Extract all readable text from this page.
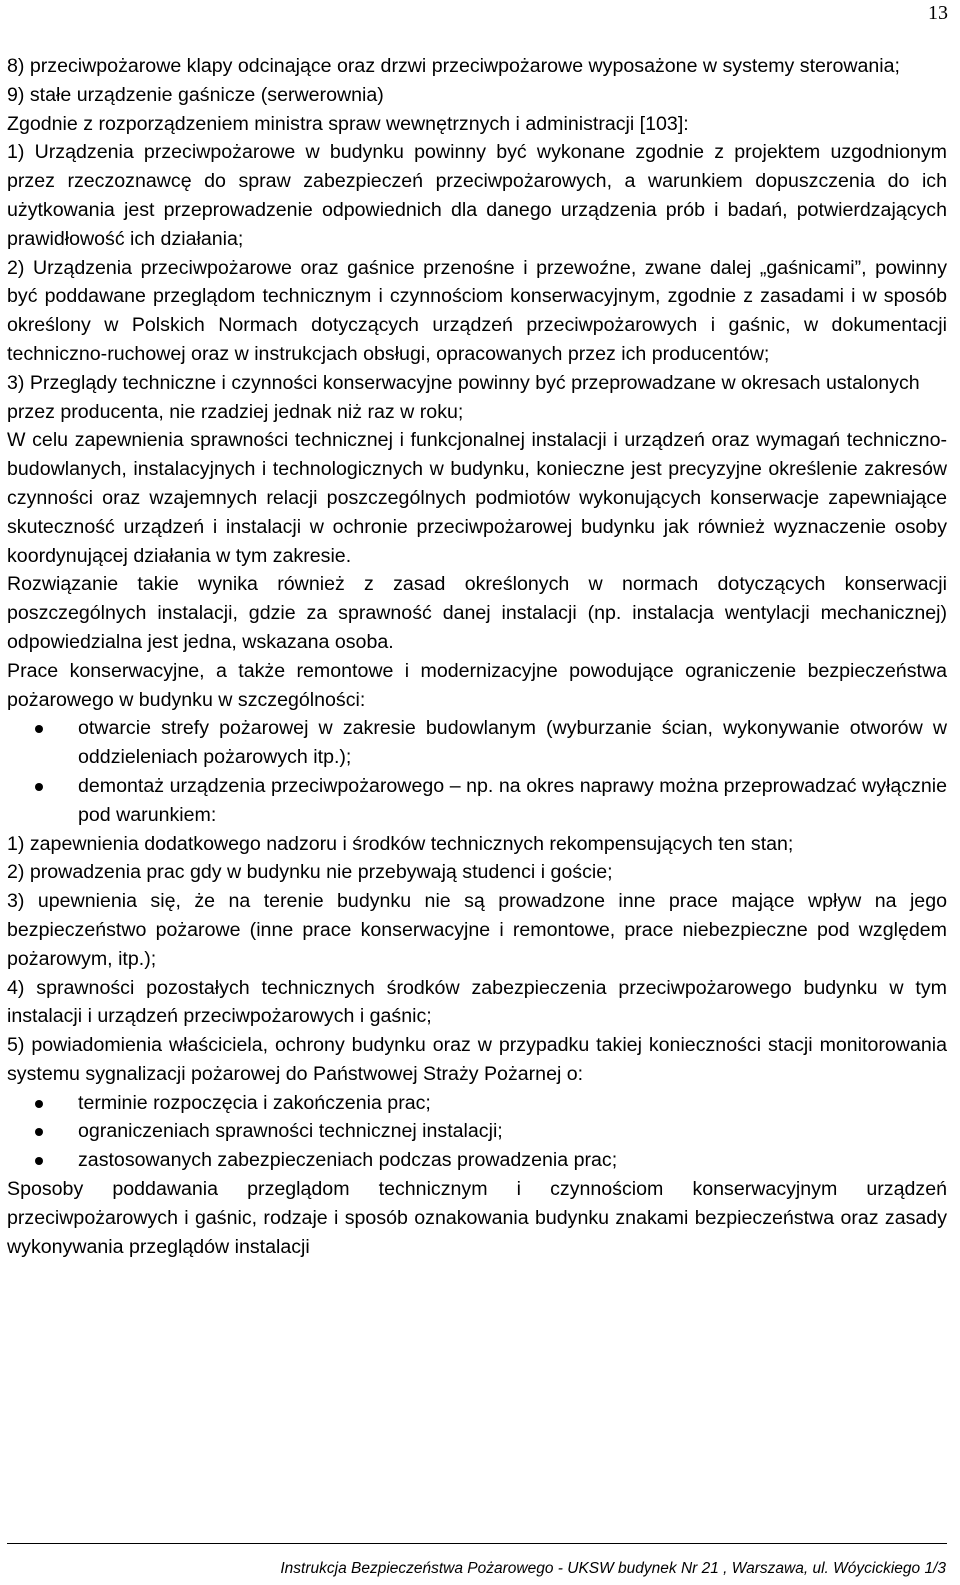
13

8) przeciwpożarowe klapy odcinające oraz drzwi przeciwpożarowe wyposażone w systemy sterowania;

9) stałe urządzenie gaśnicze (serwerownia)

Zgodnie z rozporządzeniem ministra spraw wewnętrznych i administracji [103]:

1) Urządzenia przeciwpożarowe w budynku powinny być wykonane zgodnie z projektem uzgodnionym przez rzeczoznawcę do spraw zabezpieczeń przeciwpożarowych, a warunkiem dopuszczenia do ich użytkowania jest przeprowadzenie odpowiednich dla danego urządzenia prób i badań, potwierdzających prawidłowość ich działania;

2) Urządzenia przeciwpożarowe oraz gaśnice przenośne i przewoźne, zwane dalej „gaśnicami”, powinny być poddawane przeglądom technicznym i czynnościom konserwacyjnym, zgodnie z zasadami i w sposób określony w Polskich Normach dotyczących urządzeń przeciwpożarowych i gaśnic, w dokumentacji techniczno-ruchowej oraz w instrukcjach obsługi, opracowanych przez ich producentów;

3) Przeglądy techniczne i czynności konserwacyjne powinny być przeprowadzane w okresach ustalonych przez producenta, nie rzadziej jednak niż raz w roku;

W celu zapewnienia sprawności technicznej i funkcjonalnej instalacji i urządzeń oraz wymagań techniczno-budowlanych, instalacyjnych i technologicznych w budynku, konieczne jest precyzyjne określenie zakresów czynności oraz wzajemnych relacji poszczególnych podmiotów wykonujących konserwacje zapewniające skuteczność urządzeń i instalacji w ochronie przeciwpożarowej budynku jak również wyznaczenie osoby koordynującej działania w tym zakresie.

Rozwiązanie takie wynika również z zasad określonych w normach dotyczących konserwacji poszczególnych instalacji, gdzie za sprawność danej instalacji (np. instalacja wentylacji mechanicznej) odpowiedzialna jest jedna, wskazana osoba.

Prace konserwacyjne, a także remontowe i modernizacyjne powodujące ograniczenie bezpieczeństwa pożarowego w budynku w szczególności:

otwarcie strefy pożarowej w zakresie budowlanym (wyburzanie ścian, wykonywanie otworów w oddzieleniach pożarowych itp.);
demontaż urządzenia przeciwpożarowego – np. na okres naprawy można przeprowadzać wyłącznie pod warunkiem:

1) zapewnienia dodatkowego nadzoru i środków technicznych rekompensujących ten stan;

2) prowadzenia prac gdy w budynku nie przebywają studenci i goście;

3) upewnienia się, że na terenie budynku nie są prowadzone inne prace mające wpływ na jego bezpieczeństwo pożarowe (inne prace konserwacyjne i remontowe, prace niebezpieczne pod względem pożarowym, itp.);

4) sprawności pozostałych technicznych środków zabezpieczenia przeciwpożarowego budynku w tym instalacji i urządzeń przeciwpożarowych i gaśnic;

5) powiadomienia właściciela, ochrony budynku oraz w przypadku takiej konieczności stacji monitorowania systemu sygnalizacji pożarowej do Państwowej Straży Pożarnej o:

terminie rozpoczęcia i zakończenia prac;
ograniczeniach sprawności technicznej instalacji;
zastosowanych zabezpieczeniach podczas prowadzenia prac;

Sposoby poddawania przeglądom technicznym i czynnościom konserwacyjnym urządzeń przeciwpożarowych i gaśnic, rodzaje i sposób oznakowania budynku znakami bezpieczeństwa oraz zasady wykonywania przeglądów instalacji

Instrukcja Bezpieczeństwa Pożarowego - UKSW budynek Nr 21 , Warszawa, ul. Wóycickiego 1/3
